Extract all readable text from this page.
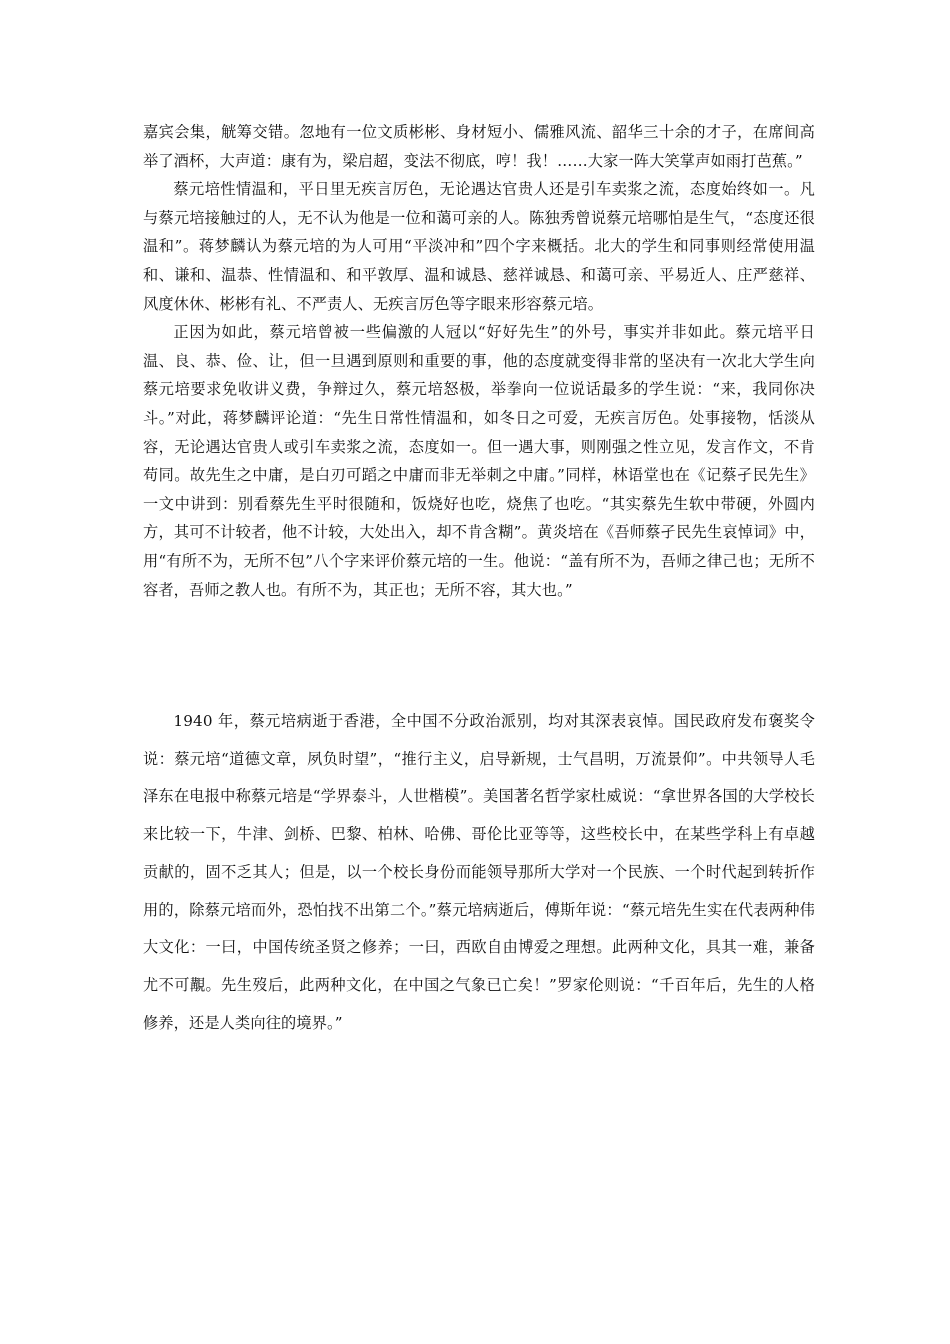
嘉宾会集，觥筹交错。忽地有一位文质彬彬、身材短小、儒雅风流、韶华三十余的才子，在席间高举了酒杯，大声道：康有为，梁启超，变法不彻底，哼！我！……大家一阵大笑掌声如雨打芭蕉。”

蔡元培性情温和，平日里无疾言厉色，无论遇达官贵人还是引车卖浆之流，态度始终如一。凡与蔡元培接触过的人，无不认为他是一位和蔼可亲的人。陈独秀曾说蔡元培哪怕是生气，“态度还很温和”。蒋梦麟认为蔡元培的为人可用“平淡冲和”四个字来概括。北大的学生和同事则经常使用温和、谦和、温恭、性情温和、和平敦厚、温和诚恳、慈祥诚恳、和蔼可亲、平易近人、庄严慈祥、风度休休、彬彬有礼、不严责人、无疾言厉色等字眼来形容蔡元培。

正因为如此，蔡元培曾被一些偏激的人冠以“好好先生”的外号，事实并非如此。蔡元培平日温、良、恭、俭、让，但一旦遇到原则和重要的事，他的态度就变得非常的坚决有一次北大学生向蔡元培要求免收讲义费，争辩过久，蔡元培怒极，举拳向一位说话最多的学生说：“来，我同你决斗。”对此，蒋梦麟评论道：“先生日常性情温和，如冬日之可爱，无疾言厉色。处事接物，恬淡从容，无论遇达官贵人或引车卖浆之流，态度如一。但一遇大事，则刚强之性立见，发言作文，不肯苟同。故先生之中庸，是白刃可蹈之中庸而非无举刺之中庸。”同样，林语堂也在《记蔡孑民先生》一文中讲到：别看蔡先生平时很随和，饭烧好也吃，烧焦了也吃。“其实蔡先生软中带硬，外圆内方，其可不计较者，他不计较，大处出入，却不肯含糊”。黄炎培在《吾师蔡孑民先生哀悼词》中，用“有所不为，无所不包”八个字来评价蔡元培的一生。他说：“盖有所不为，吾师之律己也；无所不容者，吾师之教人也。有所不为，其正也；无所不容，其大也。”

1940 年，蔡元培病逝于香港，全中国不分政治派别，均对其深表哀悼。国民政府发布褒奖令说：蔡元培“道德文章，夙负时望”，“推行主义，启导新规，士气昌明，万流景仰”。中共领导人毛泽东在电报中称蔡元培是“学界泰斗，人世楷模”。美国著名哲学家杜威说：“拿世界各国的大学校长来比较一下，牛津、剑桥、巴黎、柏林、哈佛、哥伦比亚等等，这些校长中，在某些学科上有卓越贡献的，固不乏其人；但是，以一个校长身份而能领导那所大学对一个民族、一个时代起到转折作用的，除蔡元培而外，恐怕找不出第二个。”蔡元培病逝后，傅斯年说：“蔡元培先生实在代表两种伟大文化：一曰，中国传统圣贤之修养；一曰，西欧自由博爱之理想。此两种文化，具其一难，兼备尤不可覯。先生歿后，此两种文化，在中国之气象已亡矣！”罗家伦则说：“千百年后，先生的人格修养，还是人类向往的境界。”
